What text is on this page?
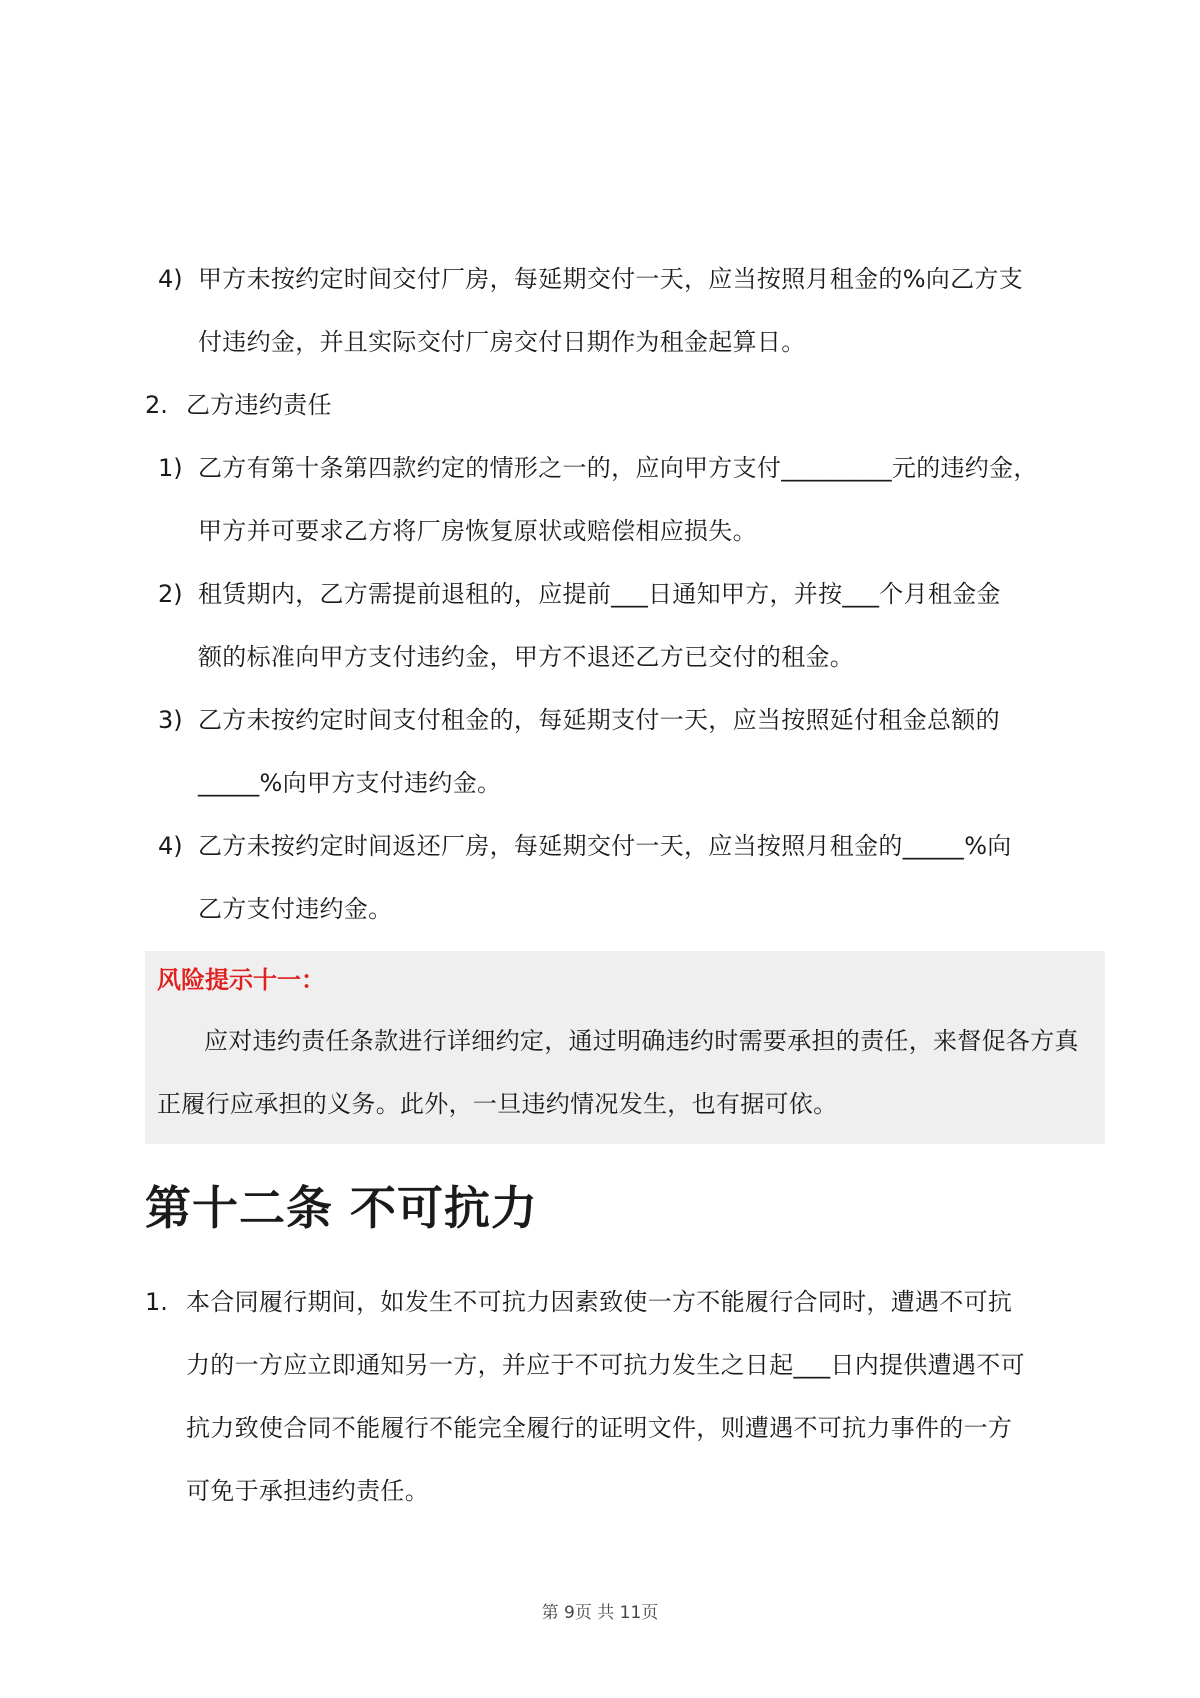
4) 甲方未按约定时间交付厂房，每延期交付一天，应当按照月租金的%向乙方支
付违约金，并且实际交付厂房交付日期作为租金起算日。
2. 乙方违约责任
1) 乙方有第十条第四款约定的情形之一的，应向甲方支付_________元的违约金，
甲方并可要求乙方将厂房恢复原状或赔偿相应损失。
2) 租赁期内，乙方需提前退租的，应提前___日通知甲方，并按___个月租金金
额的标准向甲方支付违约金，甲方不退还乙方已交付的租金。
3) 乙方未按约定时间支付租金的，每延期支付一天，应当按照延付租金总额的
_____%向甲方支付违约金。
4) 乙方未按约定时间返还厂房，每延期交付一天，应当按照月租金的_____%向
乙方支付违约金。
风险提示十一：
应对违约责任条款进行详细约定，通过明确违约时需要承担的责任，来督促各方真
正履行应承担的义务。此外，一旦违约情况发生，也有据可依。
第十二条 不可抗力
1. 本合同履行期间，如发生不可抗力因素致使一方不能履行合同时，遭遇不可抗
力的一方应立即通知另一方，并应于不可抗力发生之日起___日内提供遭遇不可
抗力致使合同不能履行不能完全履行的证明文件，则遭遇不可抗力事件的一方
可免于承担违约责任。
第 9页 共 11页
